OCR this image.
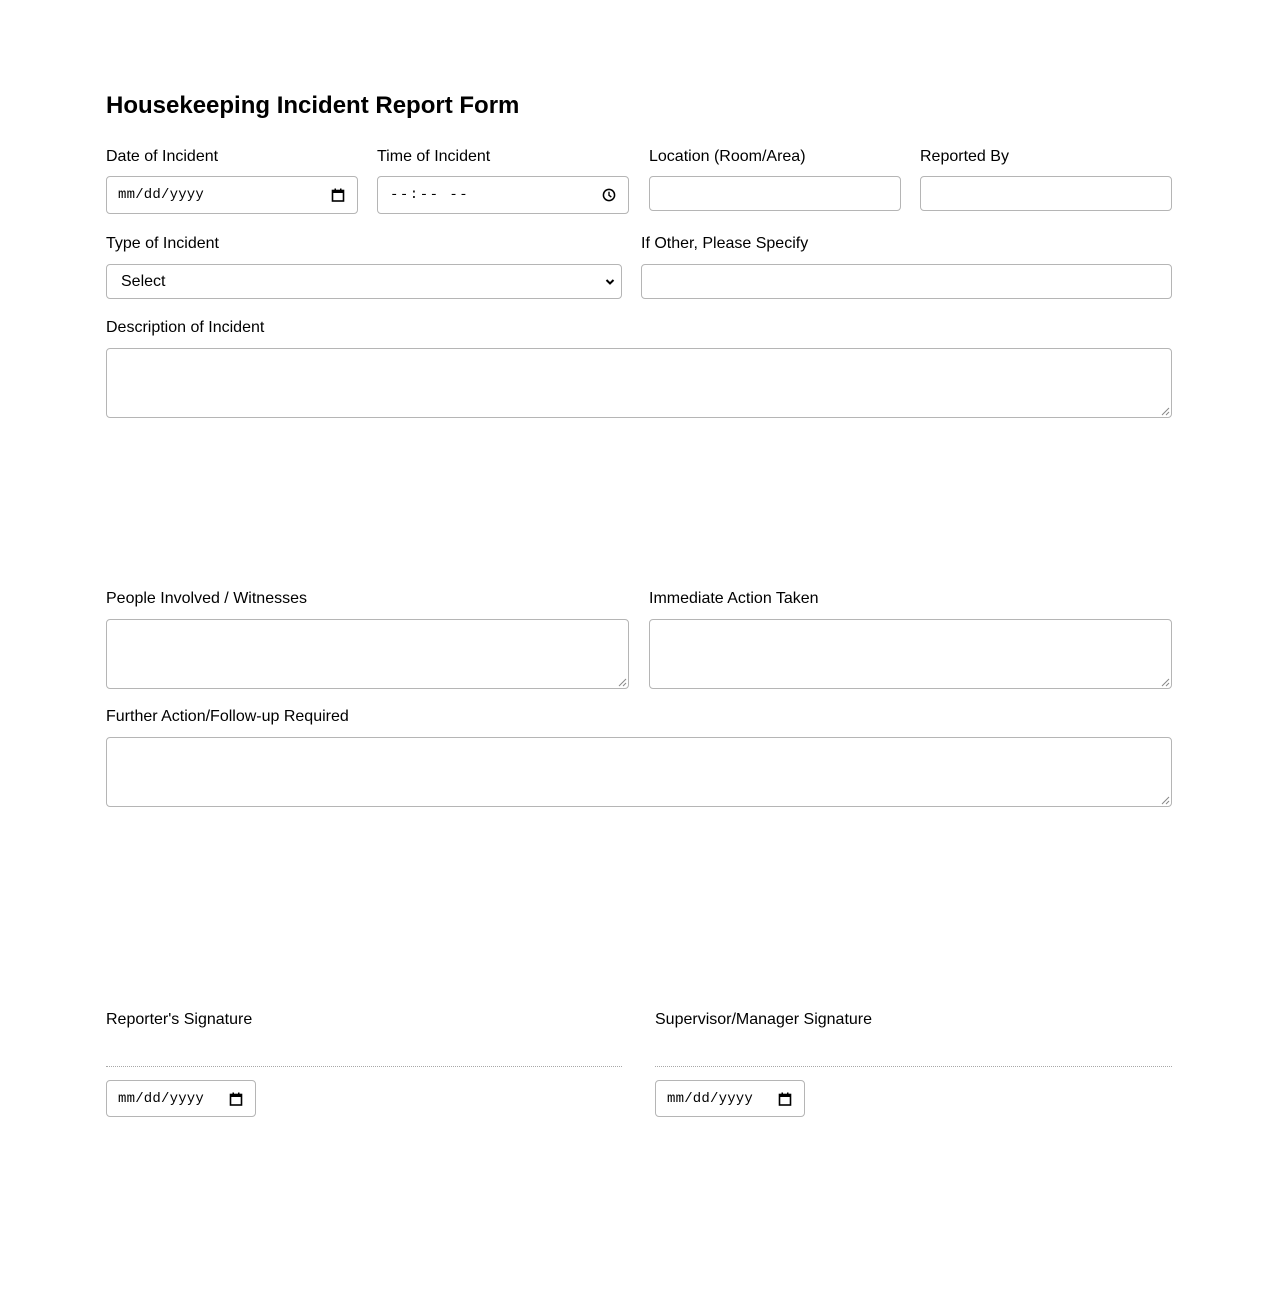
Housekeeping Incident Report Form
Date of Incident
mm/dd/yyyy
Time of Incident
--:-- --
Location (Room/Area)	Reported By
Type of Incident
Select
If Other, Please Specify
Description of Incident
People Involved / Witnesses	Immediate Action Taken
Further Action/Follow-up Required
Reporter's Signature
mm/dd/yyyy
Supervisor/Manager Signature
mm/dd/yyyy
